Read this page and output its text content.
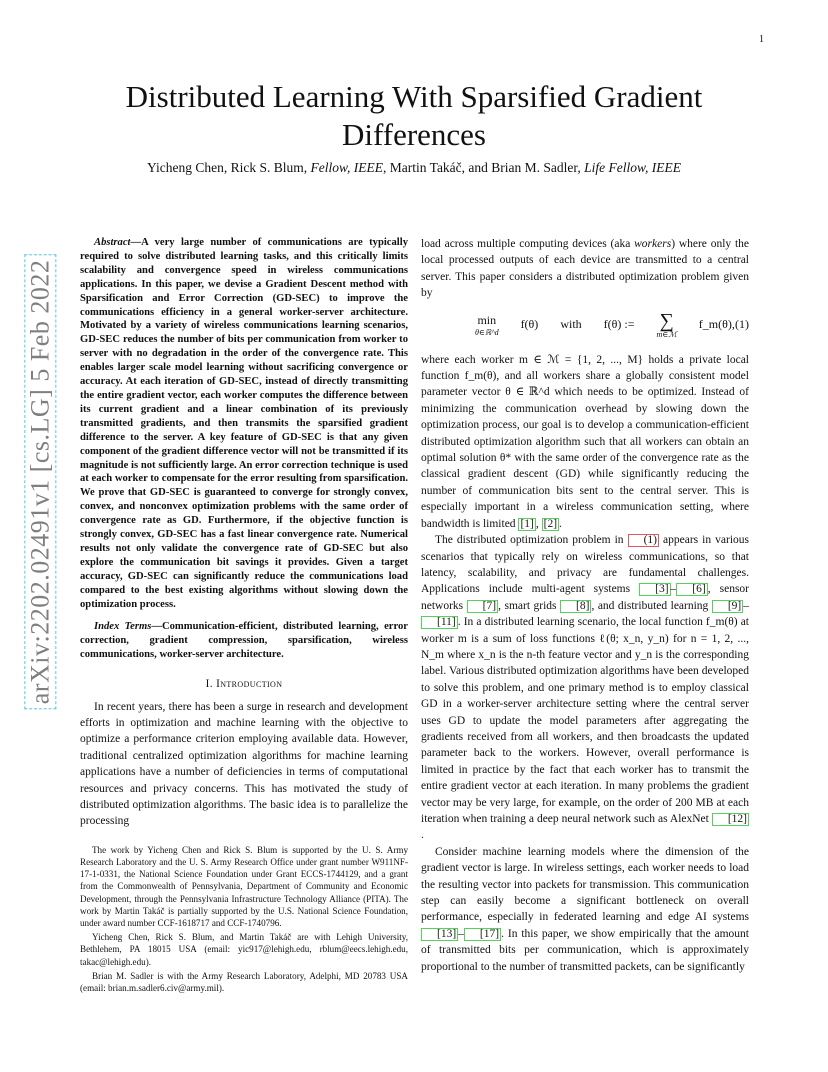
1
arXiv:2202.02491v1 [cs.LG] 5 Feb 2022
Distributed Learning With Sparsified Gradient Differences
Yicheng Chen, Rick S. Blum, Fellow, IEEE, Martin Takáč, and Brian M. Sadler, Life Fellow, IEEE

Abstract—A very large number of communications are typically required to solve distributed learning tasks, and this critically limits scalability and convergence speed in wireless communications applications. In this paper, we devise a Gradient Descent method with Sparsification and Error Correction (GD-SEC) to improve the communications efficiency in a general worker-server architecture. Motivated by a variety of wireless communications learning scenarios, GD-SEC reduces the number of bits per communication from worker to server with no degradation in the order of the convergence rate. This enables larger scale model learning without sacrificing convergence or accuracy. At each iteration of GD-SEC, instead of directly transmitting the entire gradient vector, each worker computes the difference between its current gradient and a linear combination of its previously transmitted gradients, and then transmits the sparsified gradient difference to the server. A key feature of GD-SEC is that any given component of the gradient difference vector will not be transmitted if its magnitude is not sufficiently large. An error correction technique is used at each worker to compensate for the error resulting from sparsification. We prove that GD-SEC is guaranteed to converge for strongly convex, convex, and nonconvex optimization problems with the same order of convergence rate as GD. Furthermore, if the objective function is strongly convex, GD-SEC has a fast linear convergence rate. Numerical results not only validate the convergence rate of GD-SEC but also explore the communication bit savings it provides. Given a target accuracy, GD-SEC can significantly reduce the communications load compared to the best existing algorithms without slowing down the optimization process.

Index Terms—Communication-efficient, distributed learning, error correction, gradient compression, sparsification, wireless communications, worker-server architecture.

I. Introduction

In recent years, there has been a surge in research and development efforts in optimization and machine learning with the objective to optimize a performance criterion employing available data. However, traditional centralized optimization algorithms for machine learning applications have a number of deficiencies in terms of computational resources and privacy concerns. This has motivated the study of distributed optimization algorithms. The basic idea is to parallelize the processing

The work by Yicheng Chen and Rick S. Blum is supported by the U. S. Army Research Laboratory and the U. S. Army Research Office under grant number W911NF-17-1-0331, the National Science Foundation under Grant ECCS-1744129, and a grant from the Commonwealth of Pennsylvania, Department of Community and Economic Development, through the Pennsylvania Infrastructure Technology Alliance (PITA). The work by Martin Takáč is partially supported by the U.S. National Science Foundation, under award number CCF-1618717 and CCF-1740796.

Yicheng Chen, Rick S. Blum, and Martin Takáč are with Lehigh University, Bethlehem, PA 18015 USA (email: yic917@lehigh.edu, rblum@eecs.lehigh.edu, takac@lehigh.edu).

Brian M. Sadler is with the Army Research Laboratory, Adelphi, MD 20783 USA (email: brian.m.sadler6.civ@army.mil).

load across multiple computing devices (aka workers) where only the local processed outputs of each device are transmitted to a central server. This paper considers a distributed optimization problem given by

min
θ∈ℝ^d
f(θ) with f(θ) := ∑
m∈ℳ
f_m(θ), (1)

where each worker m ∈ ℳ = {1, 2, ..., M} holds a private local function f_m(θ), and all workers share a globally consistent model parameter vector θ ∈ ℝ^d which needs to be optimized. Instead of minimizing the communication overhead by slowing down the optimization process, our goal is to develop a communication-efficient distributed optimization algorithm such that all workers can obtain an optimal solution θ* with the same order of the convergence rate as the classical gradient descent (GD) while significantly reducing the number of communication bits sent to the central server. This is especially important in a wireless communication setting, where bandwidth is limited [1] , [2] .

The distributed optimization problem in (1) appears in various scenarios that typically rely on wireless communications, so that latency, scalability, and privacy are fundamental challenges. Applications include multi-agent systems [3] – [6] , sensor networks [7] , smart grids [8] , and distributed learning [9] –[11] . In a distributed learning scenario, the local function f_m(θ) at worker m is a sum of loss functions ℓ(θ; x_n, y_n) for n = 1, 2, ..., N_m where x_n is the n-th feature vector and y_n is the corresponding label. Various distributed optimization algorithms have been developed to solve this problem, and one primary method is to employ classical GD in a worker-server architecture setting where the central server uses GD to update the model parameters after aggregating the gradients received from all workers, and then broadcasts the updated parameter back to the workers. However, overall performance is limited in practice by the fact that each worker has to transmit the entire gradient vector at each iteration. In many problems the gradient vector may be very large, for example, on the order of 200 MB at each iteration when training a deep neural network such as AlexNet [12].

Consider machine learning models where the dimension of the gradient vector is large. In wireless settings, each worker needs to load the resulting vector into packets for transmission. This communication step can easily become a significant bottleneck on overall performance, especially in federated learning and edge AI systems [13] – [17] . In this paper, we show empirically that the amount of transmitted bits per communication, which is approximately proportional to the number of transmitted packets, can be significantly
